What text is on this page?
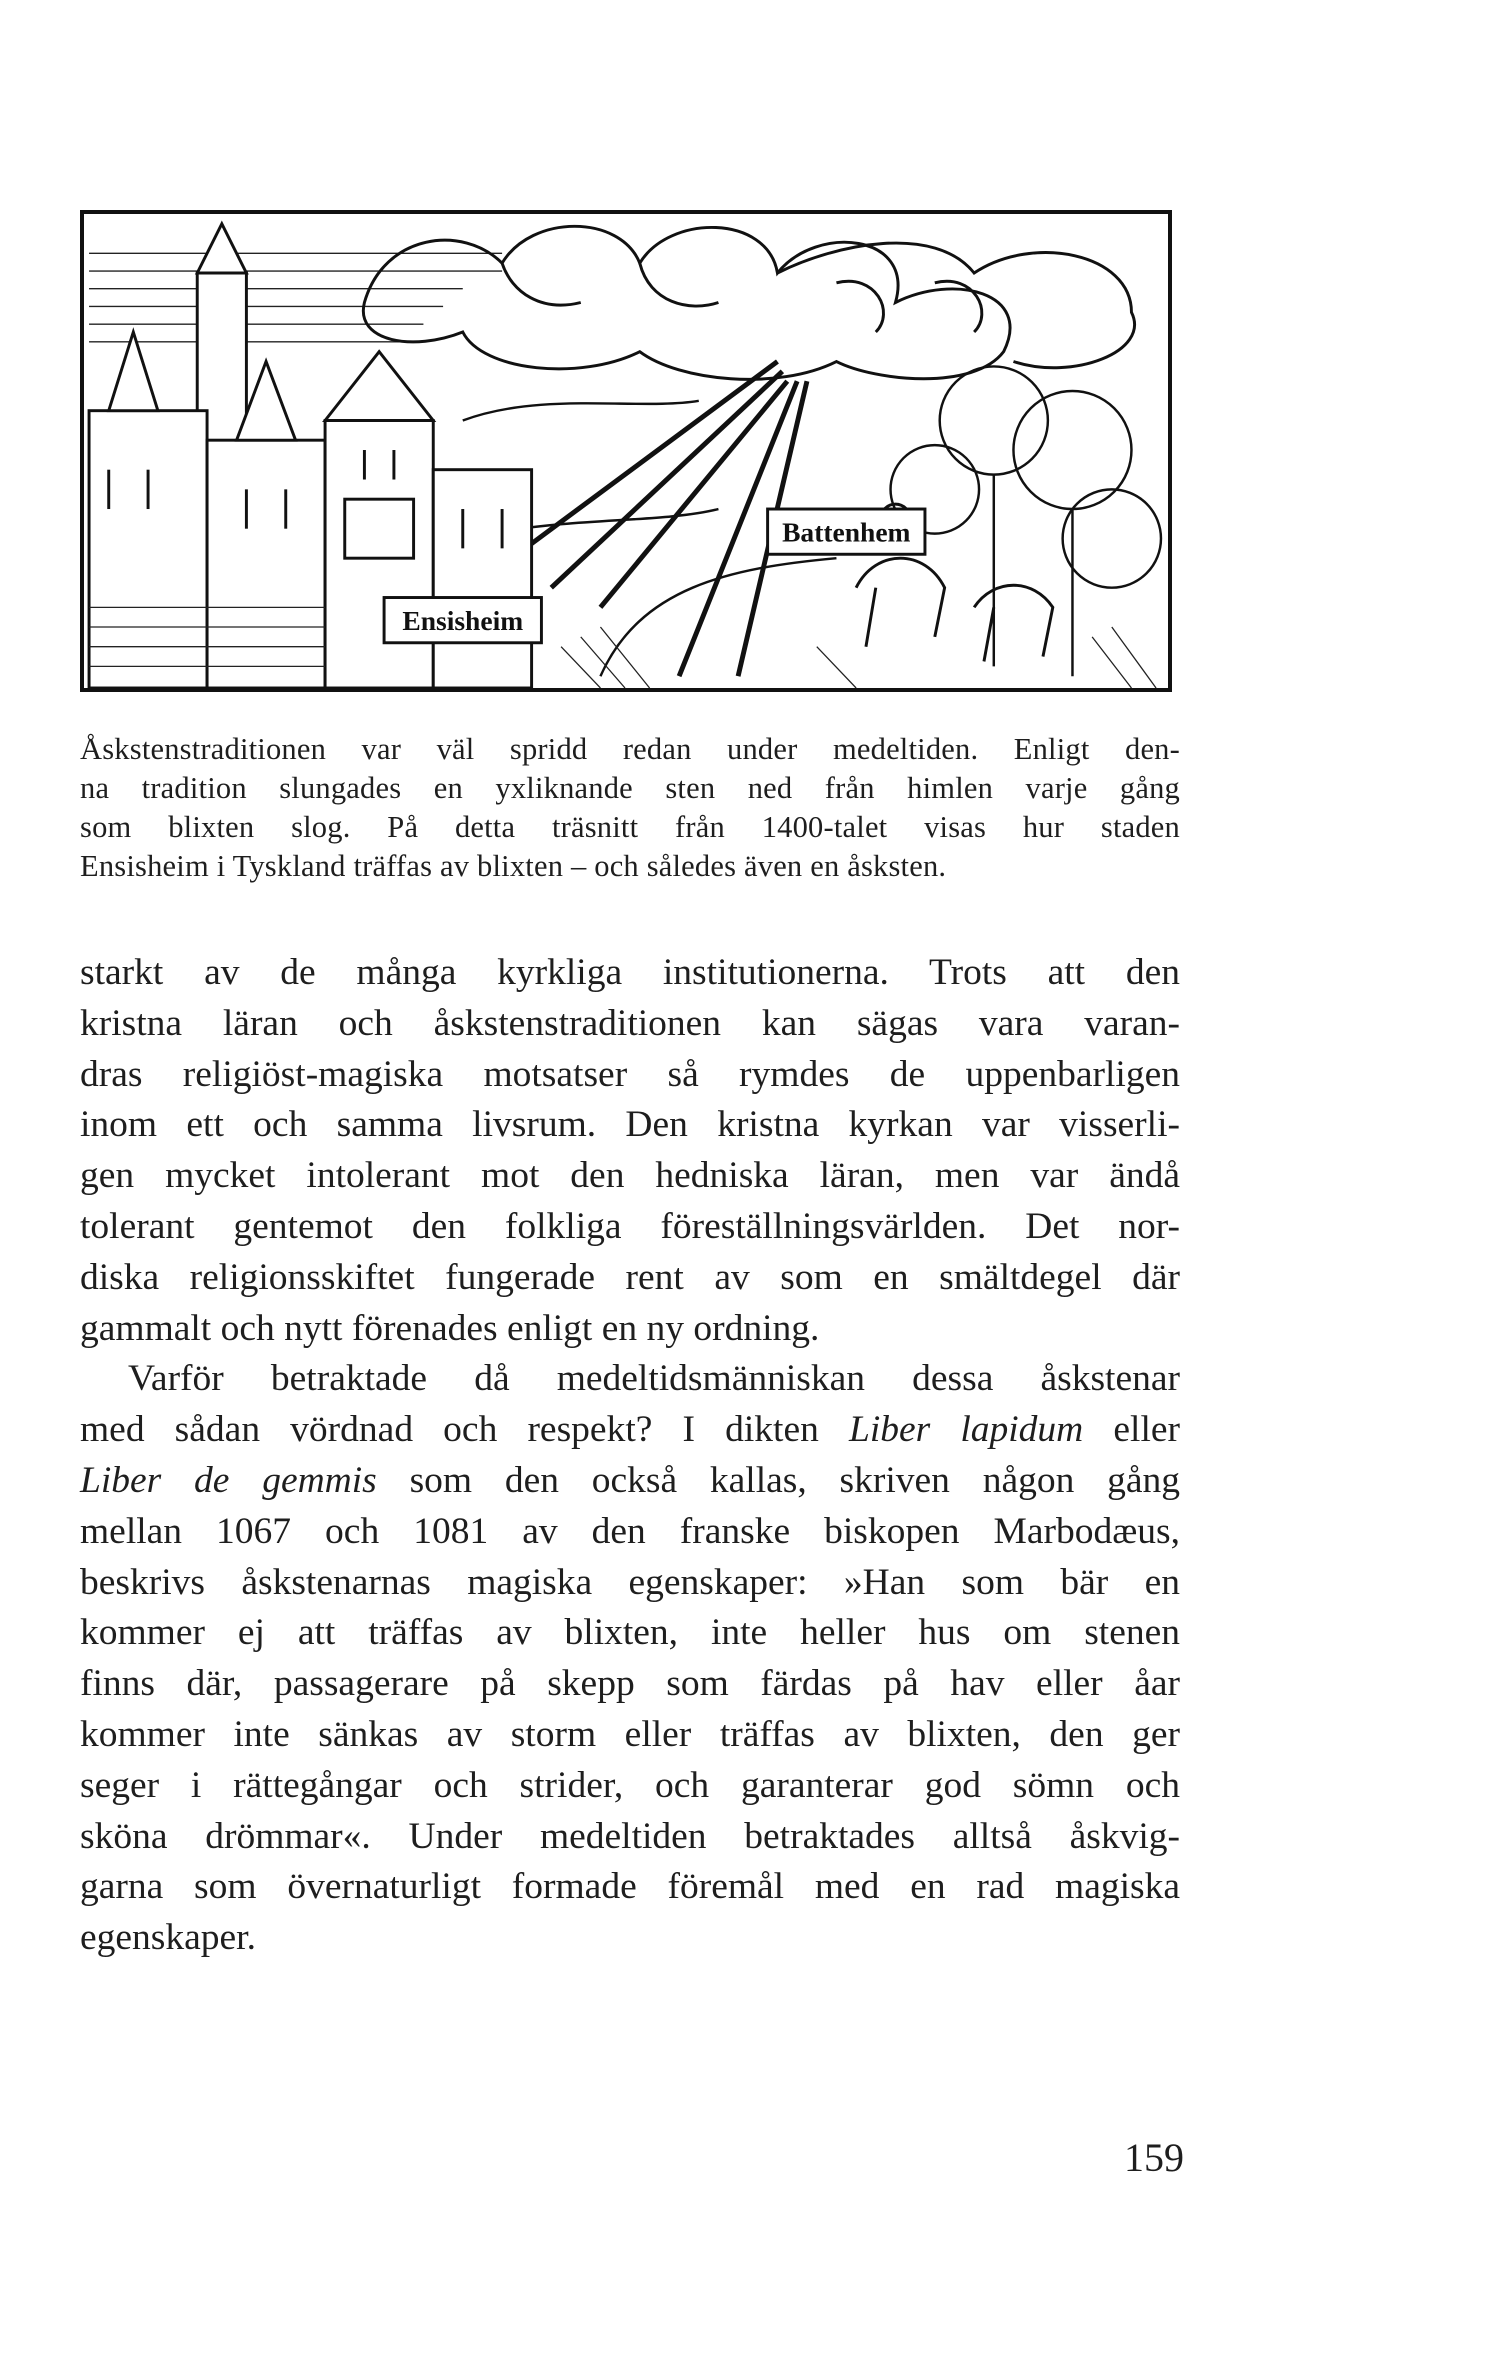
Battenhem
Ensisheim
Åskstenstraditionen var väl spridd redan under medeltiden. Enligt den-
na tradition slungades en yxliknande sten ned från himlen varje gång
som blixten slog. På detta träsnitt från 1400-talet visas hur staden
Ensisheim i Tyskland träffas av blixten – och således även en åsksten.
starkt av de många kyrkliga institutionerna. Trots att den
kristna läran och åskstenstraditionen kan sägas vara varan-
dras religiöst-magiska motsatser så rymdes de uppenbarligen
inom ett och samma livsrum. Den kristna kyrkan var visserli-
gen mycket intolerant mot den hedniska läran, men var ändå
tolerant gentemot den folkliga föreställningsvärlden. Det nor-
diska religionsskiftet fungerade rent av som en smältdegel där
gammalt och nytt förenades enligt en ny ordning.
Varför betraktade då medeltidsmänniskan dessa åskstenar
med sådan vördnad och respekt? I dikten Liber lapidum eller
Liber de gemmis som den också kallas, skriven någon gång
mellan 1067 och 1081 av den franske biskopen Marbodæus,
beskrivs åskstenarnas magiska egenskaper: »Han som bär en
kommer ej att träffas av blixten, inte heller hus om stenen
finns där, passagerare på skepp som färdas på hav eller åar
kommer inte sänkas av storm eller träffas av blixten, den ger
seger i rättegångar och strider, och garanterar god sömn och
sköna drömmar«. Under medeltiden betraktades alltså åskvig-
garna som övernaturligt formade föremål med en rad magiska
egenskaper.
159
